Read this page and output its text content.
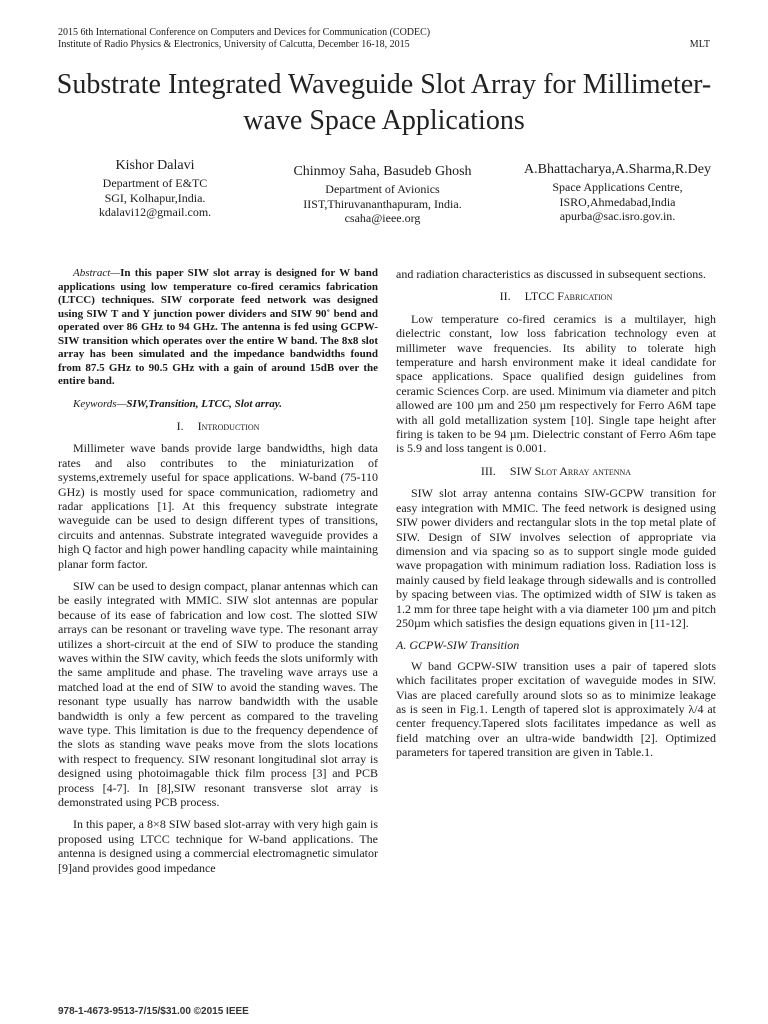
2015 6th International Conference on Computers and Devices for Communication (CODEC)
Institute of Radio Physics & Electronics, University of Calcutta, December 16-18, 2015	MLT
Substrate Integrated Waveguide Slot Array for Millimeter-wave Space Applications
Kishor Dalavi
Department of E&TC
SGI, Kolhapur,India.
kdalavi12@gmail.com.
Chinmoy Saha, Basudeb Ghosh
Department of Avionics
IIST,Thiruvananthapuram, India.
csaha@ieee.org
A.Bhattacharya,A.Sharma,R.Dey
Space Applications Centre,
ISRO,Ahmedabad,India
apurba@sac.isro.gov.in.

Abstract—In this paper SIW slot array is designed for W band applications using low temperature co-fired ceramics fabrication (LTCC) techniques. SIW corporate feed network was designed using SIW T and Y junction power dividers and SIW 90˚ bend and operated over 86 GHz to 94 GHz. The antenna is fed using GCPW-SIW transition which operates over the entire W band. The 8x8 slot array has been simulated and the impedance bandwidths found from 87.5 GHz to 90.5 GHz with a gain of around 15dB over the entire band.

Keywords—SIW,Transition, LTCC, Slot array.

I. Introduction

Millimeter wave bands provide large bandwidths, high data rates and also contributes to the miniaturization of systems,extremely useful for space applications. W-band (75-110 GHz) is mostly used for space communication, radiometry and radar applications [1]. At this frequency substrate integrate waveguide can be used to design different types of transitions, circuits and antennas. Substrate integrated waveguide provides a high Q factor and high power handling capacity while maintaining planar form factor.

SIW can be used to design compact, planar antennas which can be easily integrated with MMIC. SIW slot antennas are popular because of its ease of fabrication and low cost. The slotted SIW arrays can be resonant or traveling wave type. The resonant array utilizes a short-circuit at the end of SIW to produce the standing waves within the SIW cavity, which feeds the slots uniformly with the same amplitude and phase. The traveling wave arrays use a matched load at the end of SIW to avoid the standing waves. The resonant type usually has narrow bandwidth with the usable bandwidth is only a few percent as compared to the traveling wave type. This limitation is due to the frequency dependence of the slots as standing wave peaks move from the slots locations with respect to frequency. SIW resonant longitudinal slot array is designed using photoimagable thick film process [3] and PCB process [4-7]. In [8],SIW resonant transverse slot array is demonstrated using PCB process.

In this paper, a 8×8 SIW based slot-array with very high gain is proposed using LTCC technique for W-band applications. The antenna is designed using a commercial electromagnetic simulator [9]and provides good impedance

and radiation characteristics as discussed in subsequent sections.

II. LTCC Fabrication

Low temperature co-fired ceramics is a multilayer, high dielectric constant, low loss fabrication technology even at millimeter wave frequencies. Its ability to tolerate high temperature and harsh environment make it ideal candidate for space applications. Space qualified design guidelines from ceramic Sciences Corp. are used. Minimum via diameter and pitch allowed are 100 µm and 250 µm respectively for Ferro A6M tape with all gold metallization system [10]. Single tape height after firing is taken to be 94 µm. Dielectric constant of Ferro A6m tape is 5.9 and loss tangent is 0.001.

III. SIW Slot Array antenna

SIW slot array antenna contains SIW-GCPW transition for easy integration with MMIC. The feed network is designed using SIW power dividers and rectangular slots in the top metal plate of SIW. Design of SIW involves selection of appropriate via dimension and via spacing so as to support single mode guided wave propagation with minimum radiation loss. Radiation loss is mainly caused by field leakage through sidewalls and is controlled by spacing between vias. The optimized width of SIW is taken as 1.2 mm for three tape height with a via diameter 100 µm and pitch 250µm which satisfies the design equations given in [11-12].

A. GCPW-SIW Transition

W band GCPW-SIW transition uses a pair of tapered slots which facilitates proper excitation of waveguide modes in SIW. Vias are placed carefully around slots so as to minimize leakage as is seen in Fig.1. Length of tapered slot is approximately λ/4 at center frequency.Tapered slots facilitates impedance as well as field matching over an ultra-wide bandwidth [2]. Optimized parameters for tapered transition are given in Table.1.

978-1-4673-9513-7/15/$31.00 ©2015 IEEE
